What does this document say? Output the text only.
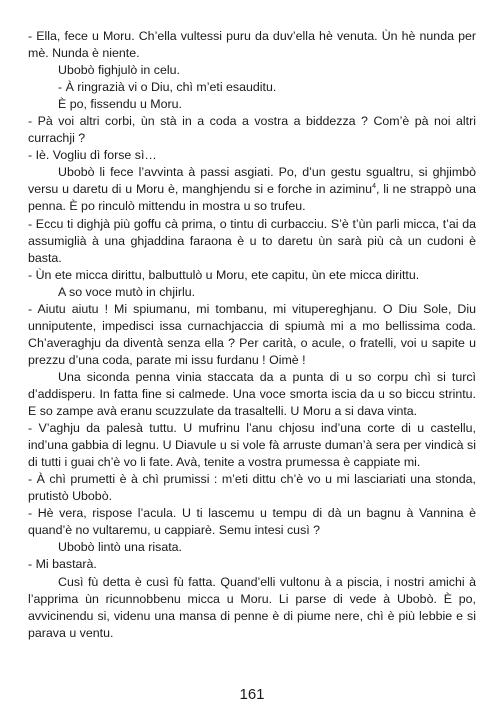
- Ella, fece u Moru. Ch’ella vultessi puru da duv’ella hè venuta. Ùn hè nunda per mè. Nunda è niente.

Ubobò fighjulò in celu.

- À ringrazià vi o Diu, chì m’eti esauditu.

È po, fissendu u Moru.

- Pà voi altri corbi, ùn stà in a coda a vostra a biddezza ? Com’è pà noi altri currachji ?

- Iè. Vogliu dì forse sì…

Ubobò li fece l’avvinta à passi asgiati. Po, d’un gestu sgualtru, si ghjimbò versu u daretu di u Moru è, manghjendu si e forche in aziminu$^4$, li ne strappò una penna. È po rinculò mittendu in mostra u so trufeu.

- Eccu ti dighjà più goffu cà prima, o tintu di curbacciu. S’è t’ùn parli micca, t’ai da assumiglià à una ghjaddina faraona è u to daretu ùn sarà più cà un cudoni è basta.

- Ùn ete micca dirittu, balbuttulò u Moru, ete capitu, ùn ete micca dirittu.

A so voce mutò in chjirlu.

- Aiutu aiutu ! Mi spiumanu, mi tombanu, mi vitupereghjanu. O Diu Sole, Diu unniputente, impedisci issa curnachjaccia di spiumà mi a mo bellissima coda. Ch’averaghju da diventà senza ella ? Per carità, o acule, o fratelli, voi u sapite u prezzu d’una coda, parate mi issu furdanu ! Oimè !

Una siconda penna vinia staccata da a punta di u so corpu chì si turcì d’addisperu. In fatta fine si calmede. Una voce smorta iscia da u so biccu strintu. E so zampe avà eranu scuzzulate da trasaltelli. U Moru a si dava vinta.

- V’aghju da palesà tuttu. U mufrinu l’anu chjosu ind’una corte di u castellu, ind’una gabbia di legnu. U Diavule u si vole fà arruste duman’à sera per vindicà si di tutti i guai ch’è vo li fate. Avà, tenite a vostra prumessa è cappiate mi.

- À chì prumetti è à chì prumissi : m’eti dittu ch’è vo u mi lasciariati una stonda, prutistò Ubobò.

- Hè vera, rispose l’acula. U ti lascemu u tempu di dà un bagnu à Vannina è quand’è no vultaremu, u cappiarè. Semu intesi cusì ?

Ubobò lintò una risata.

- Mi bastarà.

Cusì fù detta è cusì fù fatta. Quand’elli vultonu à a piscia, i nostri amichi à l’apprima ùn ricunnobbenu micca u Moru. Li parse di vede à Ubobò. È po, avvicinendu si, videnu una mansa di penne è di piume nere, chì è più lebbie e si parava u ventu.

161
